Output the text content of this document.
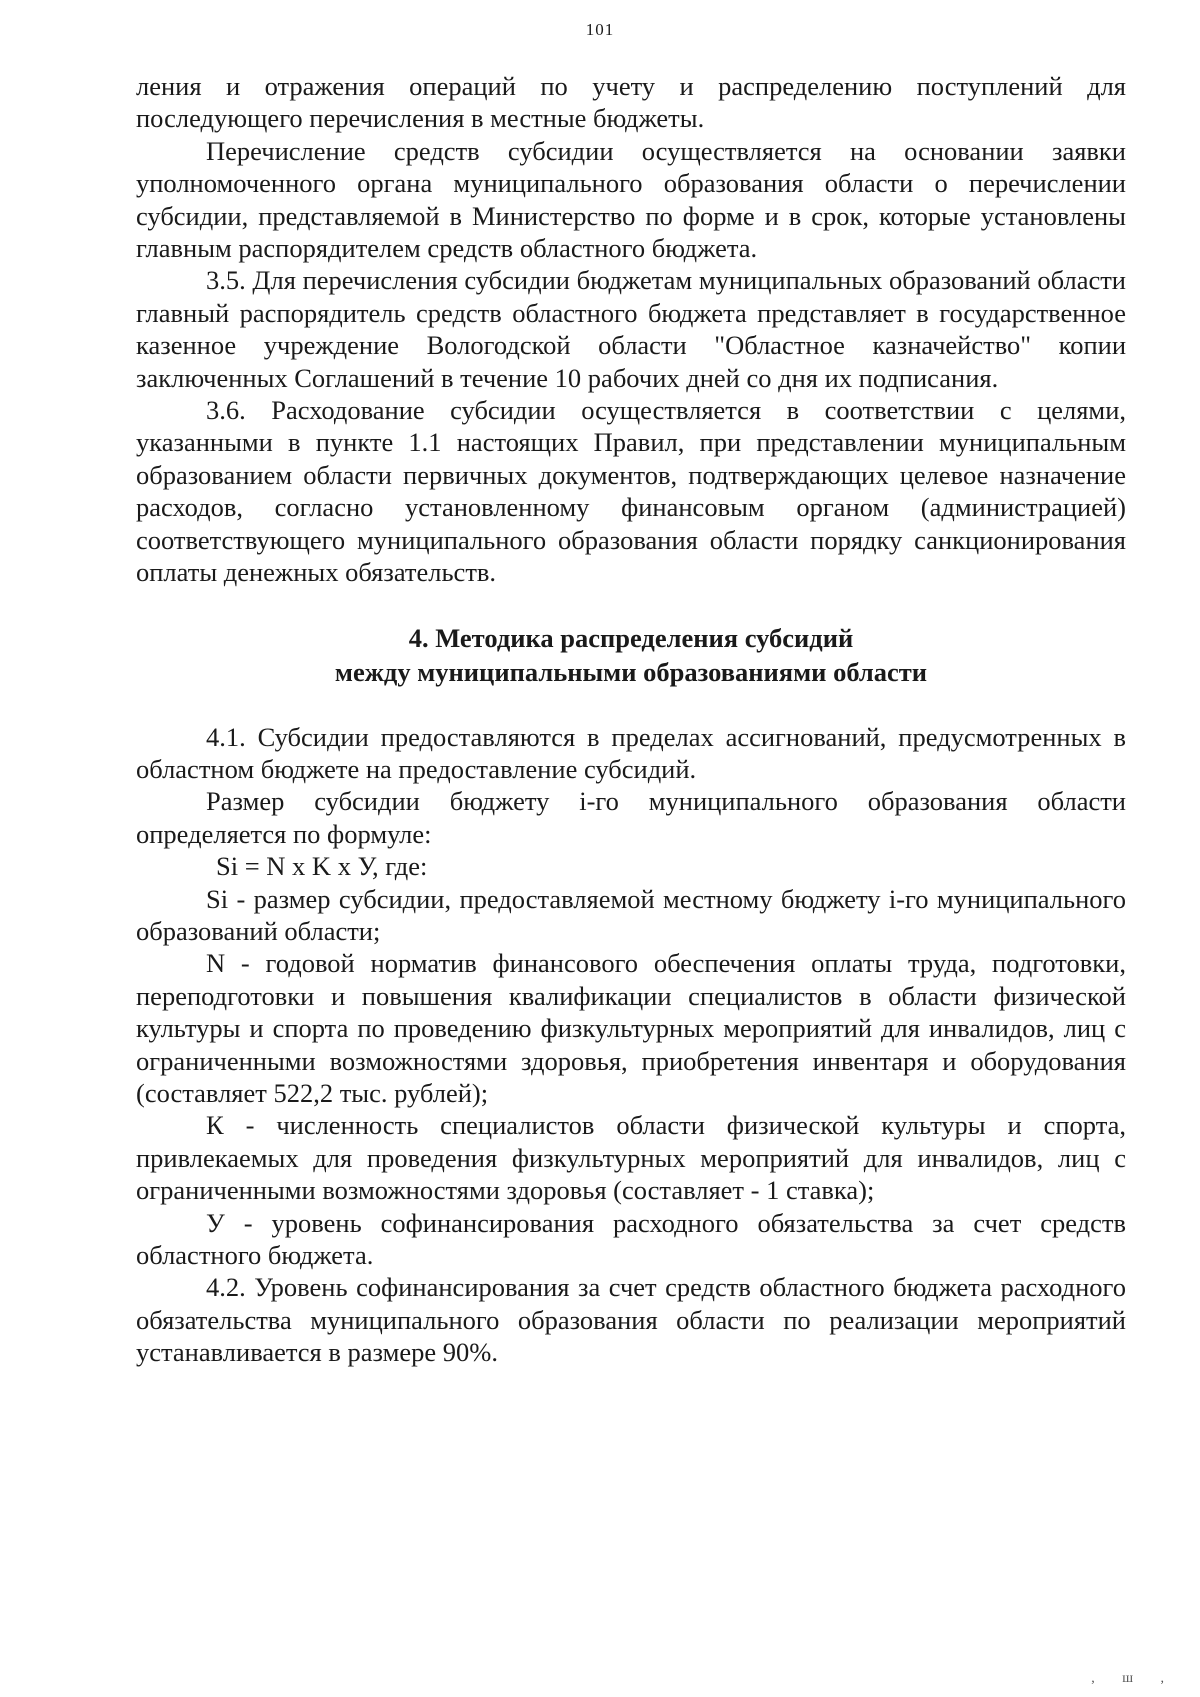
101

ления и отражения операций по учету и распределению поступлений для последующего перечисления в местные бюджеты.

Перечисление средств субсидии осуществляется на основании заявки уполномоченного органа муниципального образования области о перечислении субсидии, представляемой в Министерство по форме и в срок, которые установлены главным распорядителем средств областного бюджета.

3.5. Для перечисления субсидии бюджетам муниципальных образований области главный распорядитель средств областного бюджета представляет в государственное казенное учреждение Вологодской области "Областное казначейство" копии заключенных Соглашений в течение 10 рабочих дней со дня их подписания.

3.6. Расходование субсидии осуществляется в соответствии с целями, указанными в пункте 1.1 настоящих Правил, при представлении муниципальным образованием области первичных документов, подтверждающих целевое назначение расходов, согласно установленному финансовым органом (администрацией) соответствующего муниципального образования области порядку санкционирования оплаты денежных обязательств.

4. Методика распределения субсидий
между муниципальными образованиями области

4.1. Субсидии предоставляются в пределах ассигнований, предусмотренных в областном бюджете на предоставление субсидий.

Размер субсидии бюджету i-го муниципального образования области определяется по формуле:

Si = N x K x У, где:

Si - размер субсидии, предоставляемой местному бюджету i-го муниципального образований области;

N - годовой норматив финансового обеспечения оплаты труда, подготовки, переподготовки и повышения квалификации специалистов в области физической культуры и спорта по проведению физкультурных мероприятий для инвалидов, лиц с ограниченными возможностями здоровья, приобретения инвентаря и оборудования (составляет 522,2 тыс. рублей);

К - численность специалистов области физической культуры и спорта, привлекаемых для проведения физкультурных мероприятий для инвалидов, лиц с ограниченными возможностями здоровья (составляет - 1 ставка);

У - уровень софинансирования расходного обязательства за счет средств областного бюджета.

4.2. Уровень софинансирования за счет средств областного бюджета расходного обязательства муниципального образования области по реализации мероприятий устанавливается в размере 90%.

, ш ,
